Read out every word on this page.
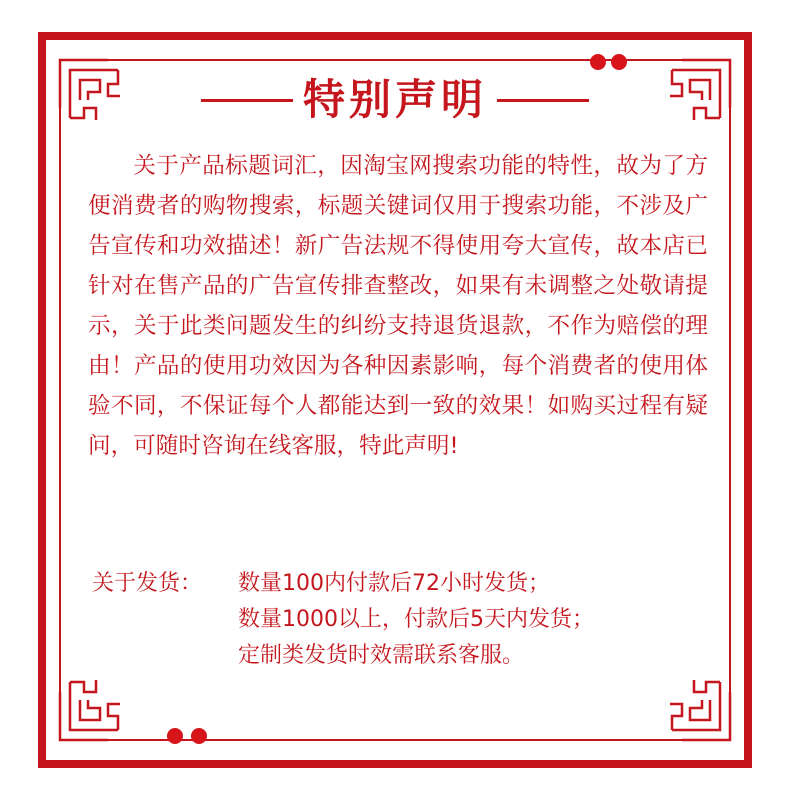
特别声明

关于产品标题词汇，因淘宝网搜索功能的特性，故为了方便消费者的购物搜索，标题关键词仅用于搜索功能，不涉及广告宣传和功效描述！新广告法规不得使用夸大宣传，故本店已针对在售产品的广告宣传排查整改，如果有未调整之处敬请提示，关于此类问题发生的纠纷支持退货退款，不作为赔偿的理由！产品的使用功效因为各种因素影响，每个消费者的使用体验不同，不保证每个人都能达到一致的效果！如购买过程有疑问，可随时咨询在线客服，特此声明!

关于发货：	数量100内付款后72小时发货；
数量1000以上，付款后5天内发货；
定制类发货时效需联系客服。
